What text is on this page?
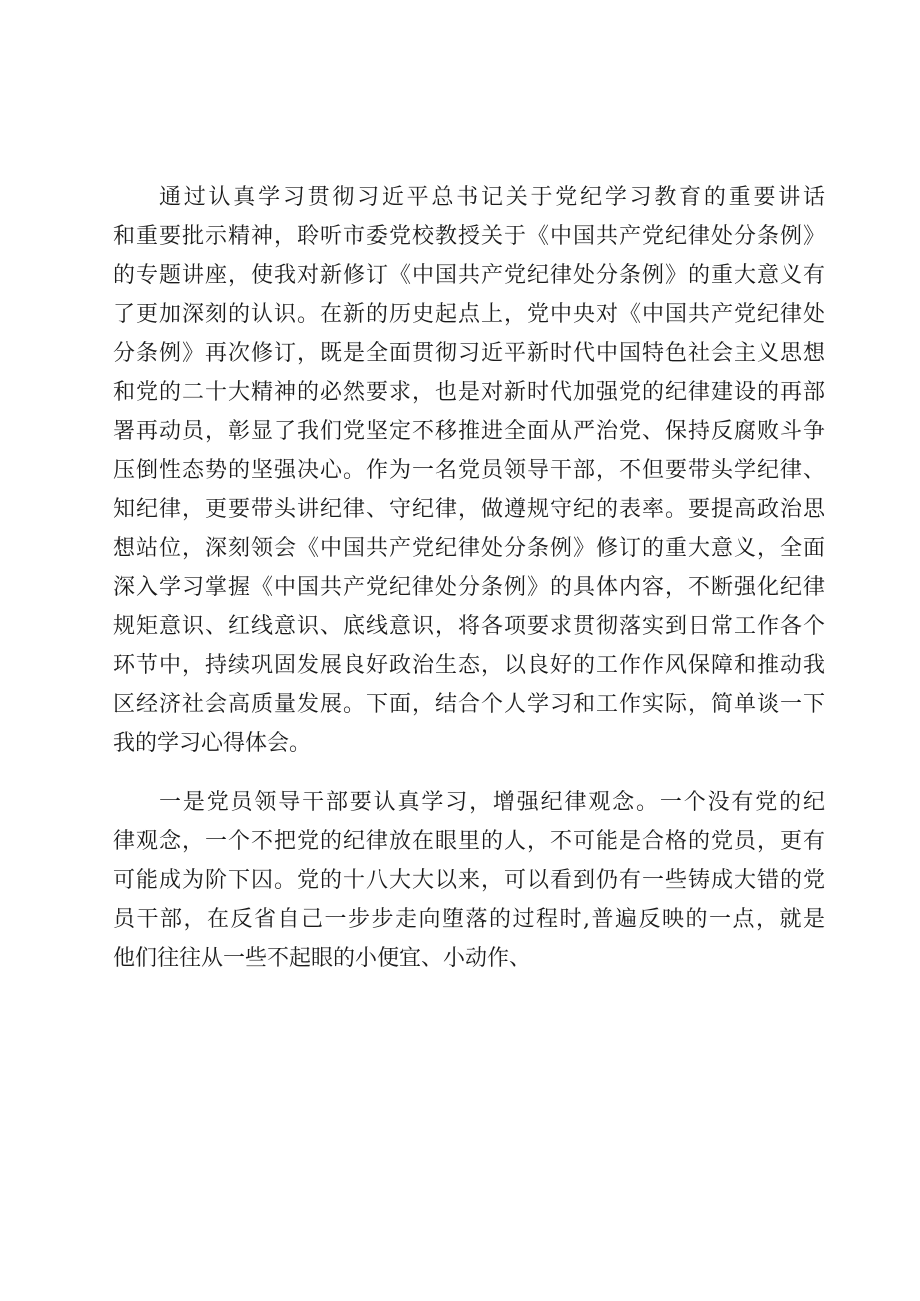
通过认真学习贯彻习近平总书记关于党纪学习教育的重要讲话
和重要批示精神，聆听市委党校教授关于《中国共产党纪律处分条例》
的专题讲座，使我对新修订《中国共产党纪律处分条例》的重大意义有
了更加深刻的认识。在新的历史起点上，党中央对《中国共产党纪律处
分条例》再次修订，既是全面贯彻习近平新时代中国特色社会主义思想
和党的二十大精神的必然要求，也是对新时代加强党的纪律建设的再部
署再动员，彰显了我们党坚定不移推进全面从严治党、保持反腐败斗争
压倒性态势的坚强决心。作为一名党员领导干部，不但要带头学纪律、
知纪律，更要带头讲纪律、守纪律，做遵规守纪的表率。要提高政治思
想站位，深刻领会《中国共产党纪律处分条例》修订的重大意义，全面
深入学习掌握《中国共产党纪律处分条例》的具体内容，不断强化纪律
规矩意识、红线意识、底线意识，将各项要求贯彻落实到日常工作各个
环节中，持续巩固发展良好政治生态，以良好的工作作风保障和推动我
区经济社会高质量发展。下面，结合个人学习和工作实际，简单谈一下
我的学习心得体会。
一是党员领导干部要认真学习，增强纪律观念。一个没有党的纪
律观念，一个不把党的纪律放在眼里的人，不可能是合格的党员，更有
可能成为阶下囚。党的十八大大以来，可以看到仍有一些铸成大错的党
员干部，在反省自己一步步走向堕落的过程时,普遍反映的一点，就是
他们往往从一些不起眼的小便宜、小动作、
